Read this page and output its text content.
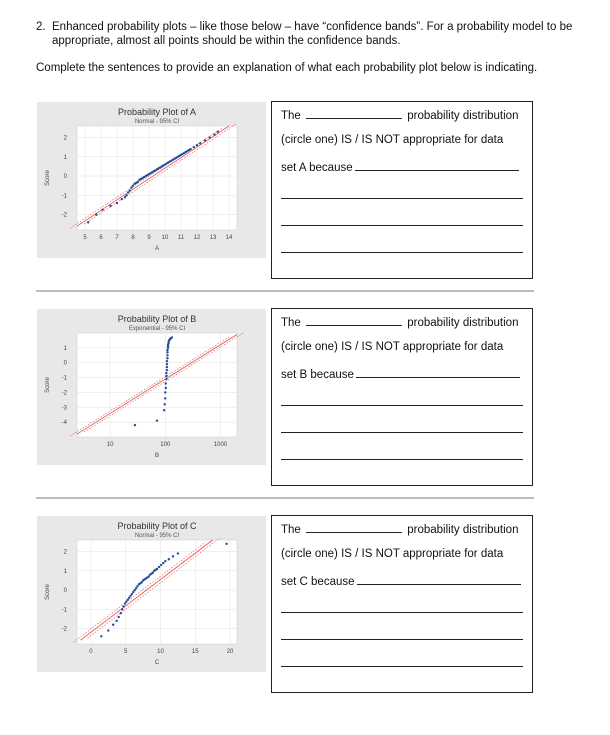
2. Enhanced probability plots – like those below – have “confidence bands”. For a probability model to be appropriate, almost all points should be within the confidence bands.
Complete the sentences to provide an explanation of what each probability plot below is indicating.
Probability Plot of A
Normal - 95% CI
5 6 7 8 9 10 11 12 13 14
2
1
0
-1
-2
A
Score
The	probability distribution
(circle one) IS / IS NOT appropriate for data
set A because
Probability Plot of B
Exponential - 95% CI
10	100	1000
1
0
-1
-2
-3
-4
B
Score
The	probability distribution
(circle one) IS / IS NOT appropriate for data
set B because
Probability Plot of C
Normal - 95% CI
0	5	10	15	20
2
1
0
-1
-2
C
Score
The	probability distribution
(circle one) IS / IS NOT appropriate for data
set C because
